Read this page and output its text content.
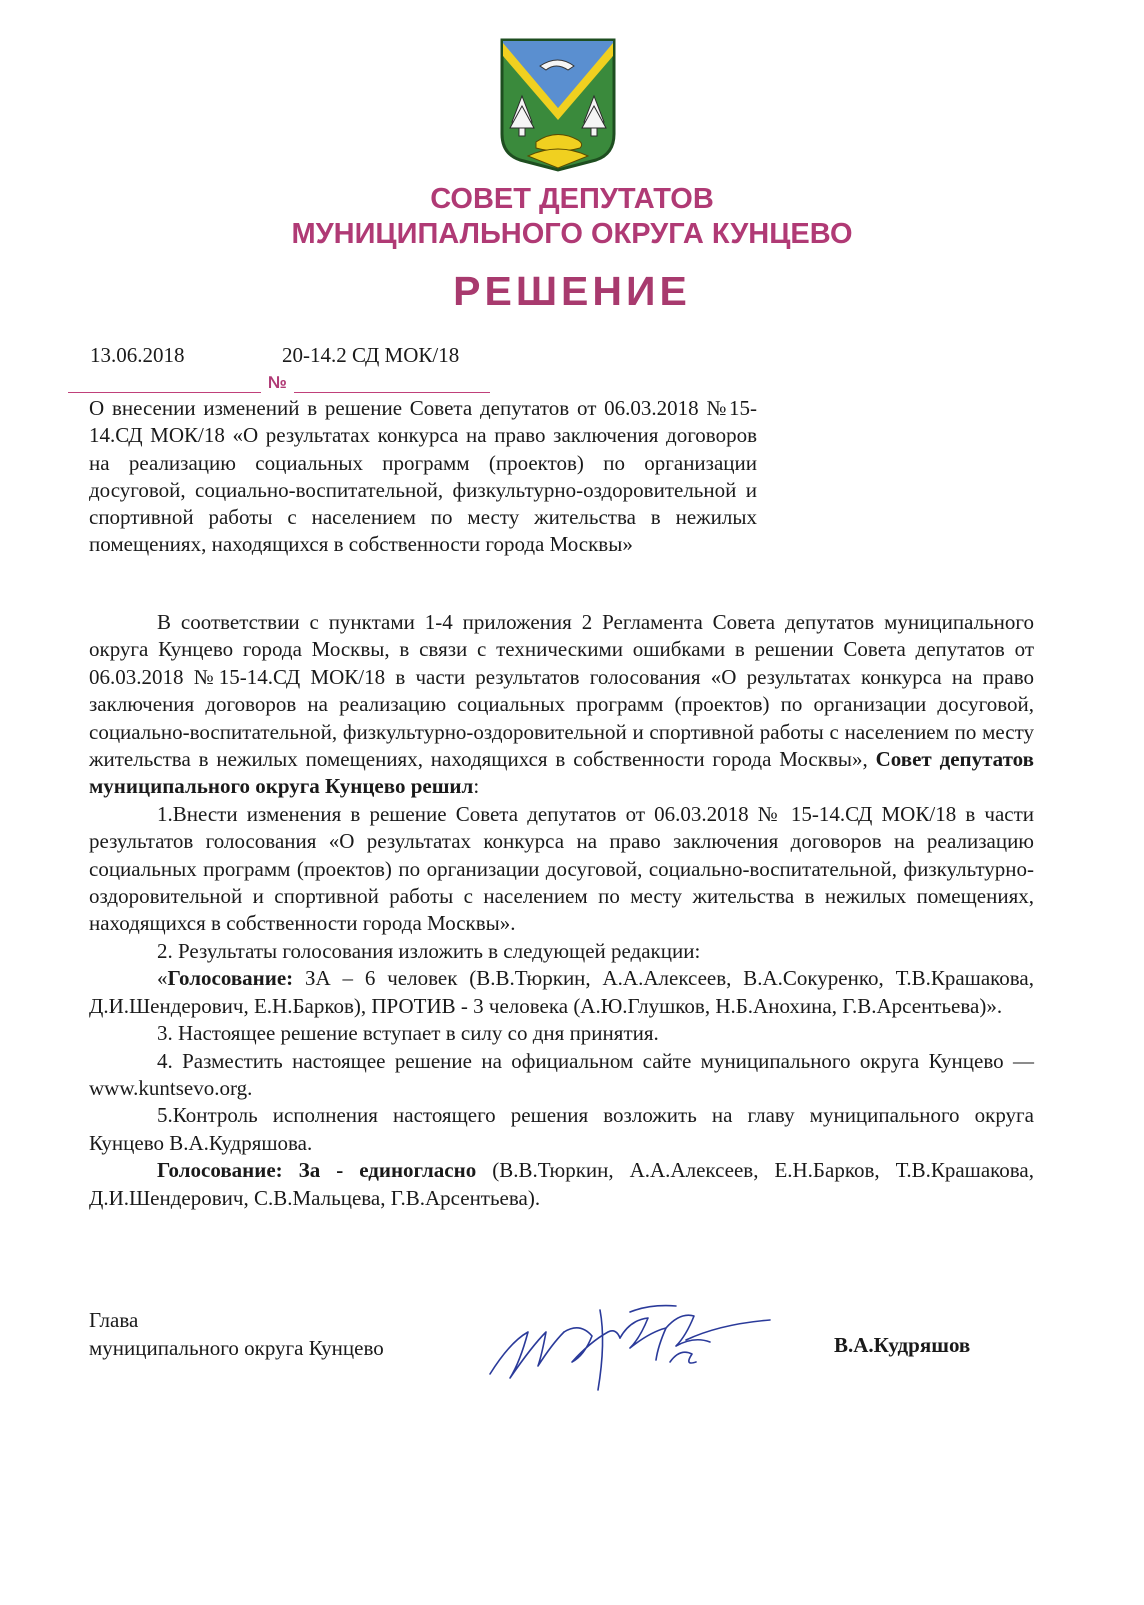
СОВЕТ ДЕПУТАТОВ
МУНИЦИПАЛЬНОГО ОКРУГА КУНЦЕВО
РЕШЕНИЕ
13.06.2018	20-14.2 СД МОК/18
№
О внесении изменений в решение Совета депутатов от 06.03.2018 №15-14.СД МОК/18 «О результатах конкурса на право заключения договоров на реализацию социальных программ (проектов) по организации досуговой, социально-воспитательной, физкультурно-оздоровительной и спортивной работы с населением по месту жительства в нежилых помещениях, находящихся в собственности города Москвы»

В соответствии с пунктами 1-4 приложения 2 Регламента Совета депутатов муниципального округа Кунцево города Москвы, в связи с техническими ошибками в решении Совета депутатов от 06.03.2018 №15-14.СД МОК/18 в части результатов голосования «О результатах конкурса на право заключения договоров на реализацию социальных программ (проектов) по организации досуговой, социально-воспитательной, физкультурно-оздоровительной и спортивной работы с населением по месту жительства в нежилых помещениях, находящихся в собственности города Москвы», Совет депутатов муниципального округа Кунцево решил:

1.Внести изменения в решение Совета депутатов от 06.03.2018 № 15-14.СД МОК/18 в части результатов голосования «О результатах конкурса на право заключения договоров на реализацию социальных программ (проектов) по организации досуговой, социально-воспитательной, физкультурно-оздоровительной и спортивной работы с населением по месту жительства в нежилых помещениях, находящихся в собственности города Москвы».

2. Результаты голосования изложить в следующей редакции:

«Голосование: ЗА – 6 человек (В.В.Тюркин, А.А.Алексеев, В.А.Сокуренко, Т.В.Крашакова, Д.И.Шендерович, Е.Н.Барков), ПРОТИВ - 3 человека (А.Ю.Глушков, Н.Б.Анохина, Г.В.Арсентьева)».

3. Настоящее решение вступает в силу со дня принятия.

4. Разместить настоящее решение на официальном сайте муниципального округа Кунцево — www.kuntsevo.org.

5.Контроль исполнения настоящего решения возложить на главу муниципального округа Кунцево В.А.Кудряшова.

Голосование: За - единогласно (В.В.Тюркин, А.А.Алексеев, Е.Н.Барков, Т.В.Крашакова, Д.И.Шендерович, С.В.Мальцева, Г.В.Арсентьева).

Глава
муниципального округа Кунцево	В.А.Кудряшов
